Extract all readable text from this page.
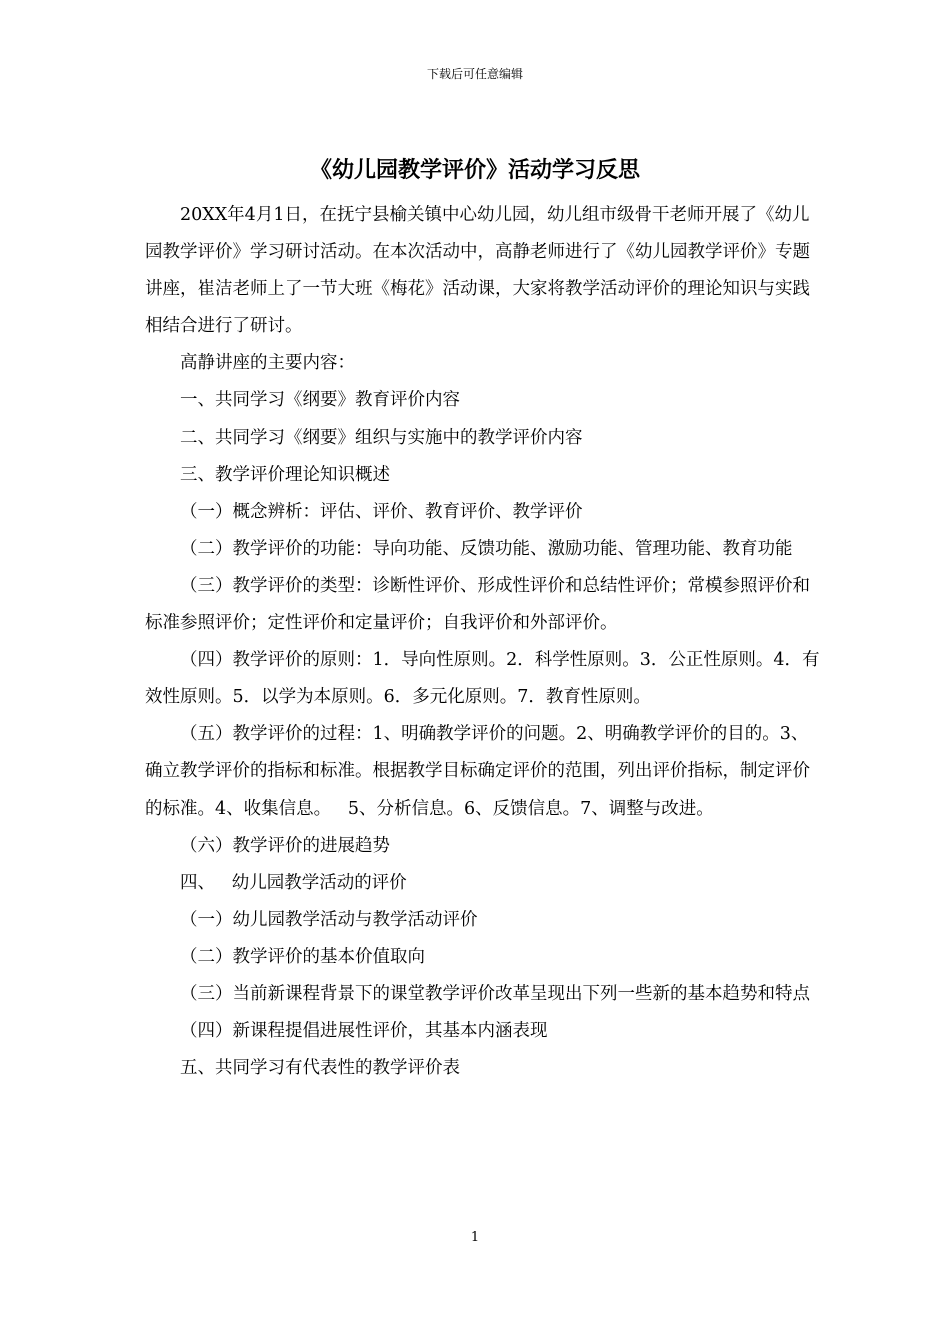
下载后可任意编辑
《幼儿园教学评价》活动学习反思

20XX年4月1日，在抚宁县榆关镇中心幼儿园，幼儿组市级骨干老师开展了《幼儿园教学评价》学习研讨活动。在本次活动中，高静老师进行了《幼儿园教学评价》专题讲座，崔洁老师上了一节大班《梅花》活动课，大家将教学活动评价的理论知识与实践相结合进行了研讨。

高静讲座的主要内容：

一、共同学习《纲要》教育评价内容

二、共同学习《纲要》组织与实施中的教学评价内容

三、教学评价理论知识概述

（一）概念辨析：评估、评价、教育评价、教学评价

（二）教学评价的功能：导向功能、反馈功能、激励功能、管理功能、教育功能

（三）教学评价的类型：诊断性评价、形成性评价和总结性评价；常模参照评价和标准参照评价；定性评价和定量评价；自我评价和外部评价。

（四）教学评价的原则：1．导向性原则。2．科学性原则。3．公正性原则。4．有效性原则。5．以学为本原则。6．多元化原则。7．教育性原则。

（五）教学评价的过程：1、明确教学评价的问题。2、明确教学评价的目的。3、确立教学评价的指标和标准。根据教学目标确定评价的范围，列出评价指标，制定评价的标准。4、收集信息。   5、分析信息。6、反馈信息。7、调整与改进。

（六）教学评价的进展趋势

四、   幼儿园教学活动的评价

（一）幼儿园教学活动与教学活动评价

（二）教学评价的基本价值取向

（三）当前新课程背景下的课堂教学评价改革呈现出下列一些新的基本趋势和特点

（四）新课程提倡进展性评价，其基本内涵表现

五、共同学习有代表性的教学评价表

1
